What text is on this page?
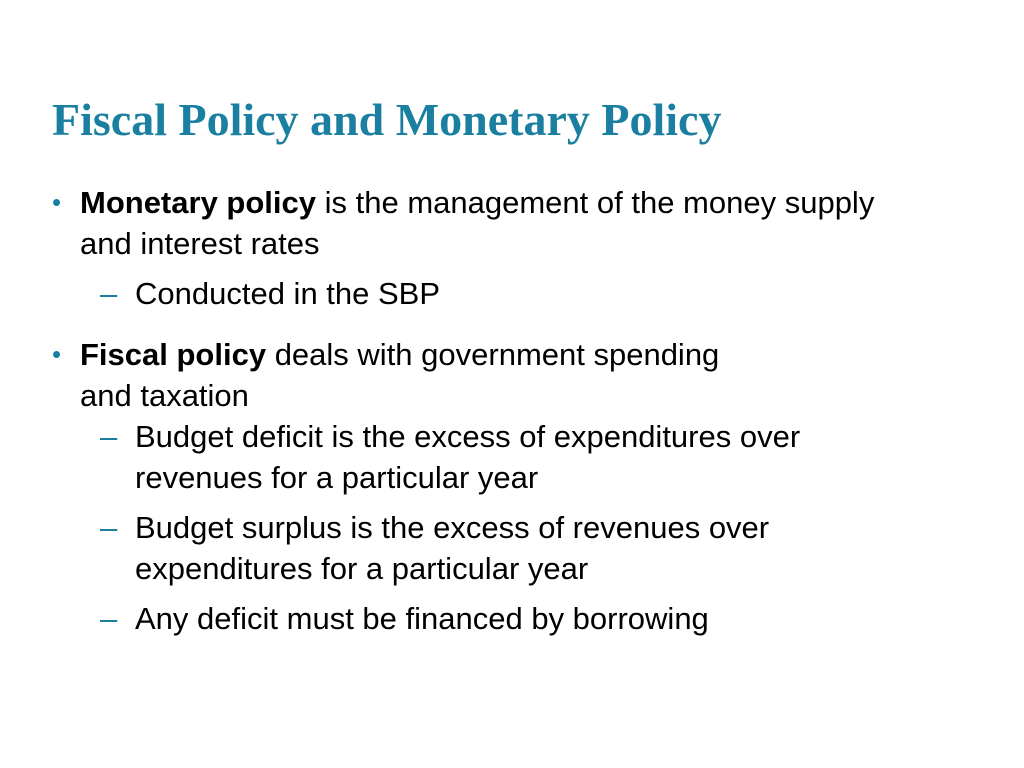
Fiscal Policy and Monetary Policy
• Monetary policy is the management of the money supply
and interest rates
– Conducted in the SBP
• Fiscal policy deals with government spending
and taxation
– Budget deficit is the excess of expenditures over
revenues for a particular year
– Budget surplus is the excess of revenues over
expenditures for a particular year
– Any deficit must be financed by borrowing
